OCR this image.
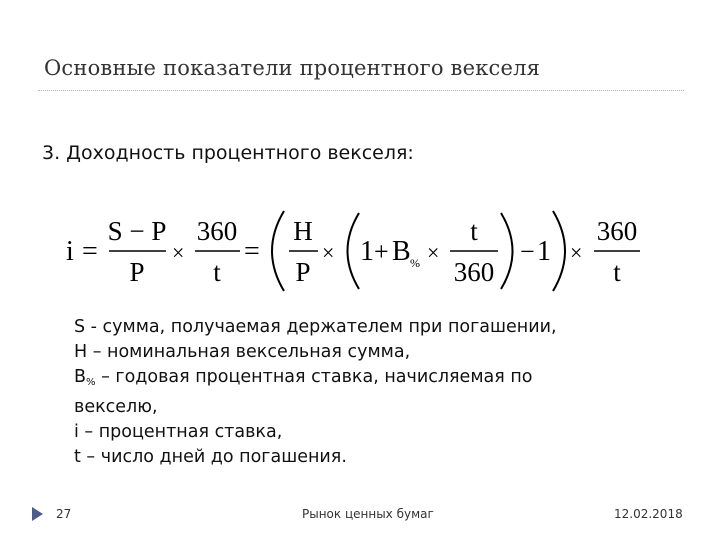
Основные показатели процентного векселя
3. Доходность процентного векселя:
i =
S − P
P
×
360
t
=
H
P
× 1 + B % ×
t
360
− 1 ×
360
t
S - сумма, получаемая держателем при погашении,
Н – номинальная вексельная сумма,
$В_{\%}$ – годовая процентная ставка, начисляемая по
векселю,
i – процентная ставка,
t – число дней до погашения.
27	Рынок ценных бумаг	12.02.2018
